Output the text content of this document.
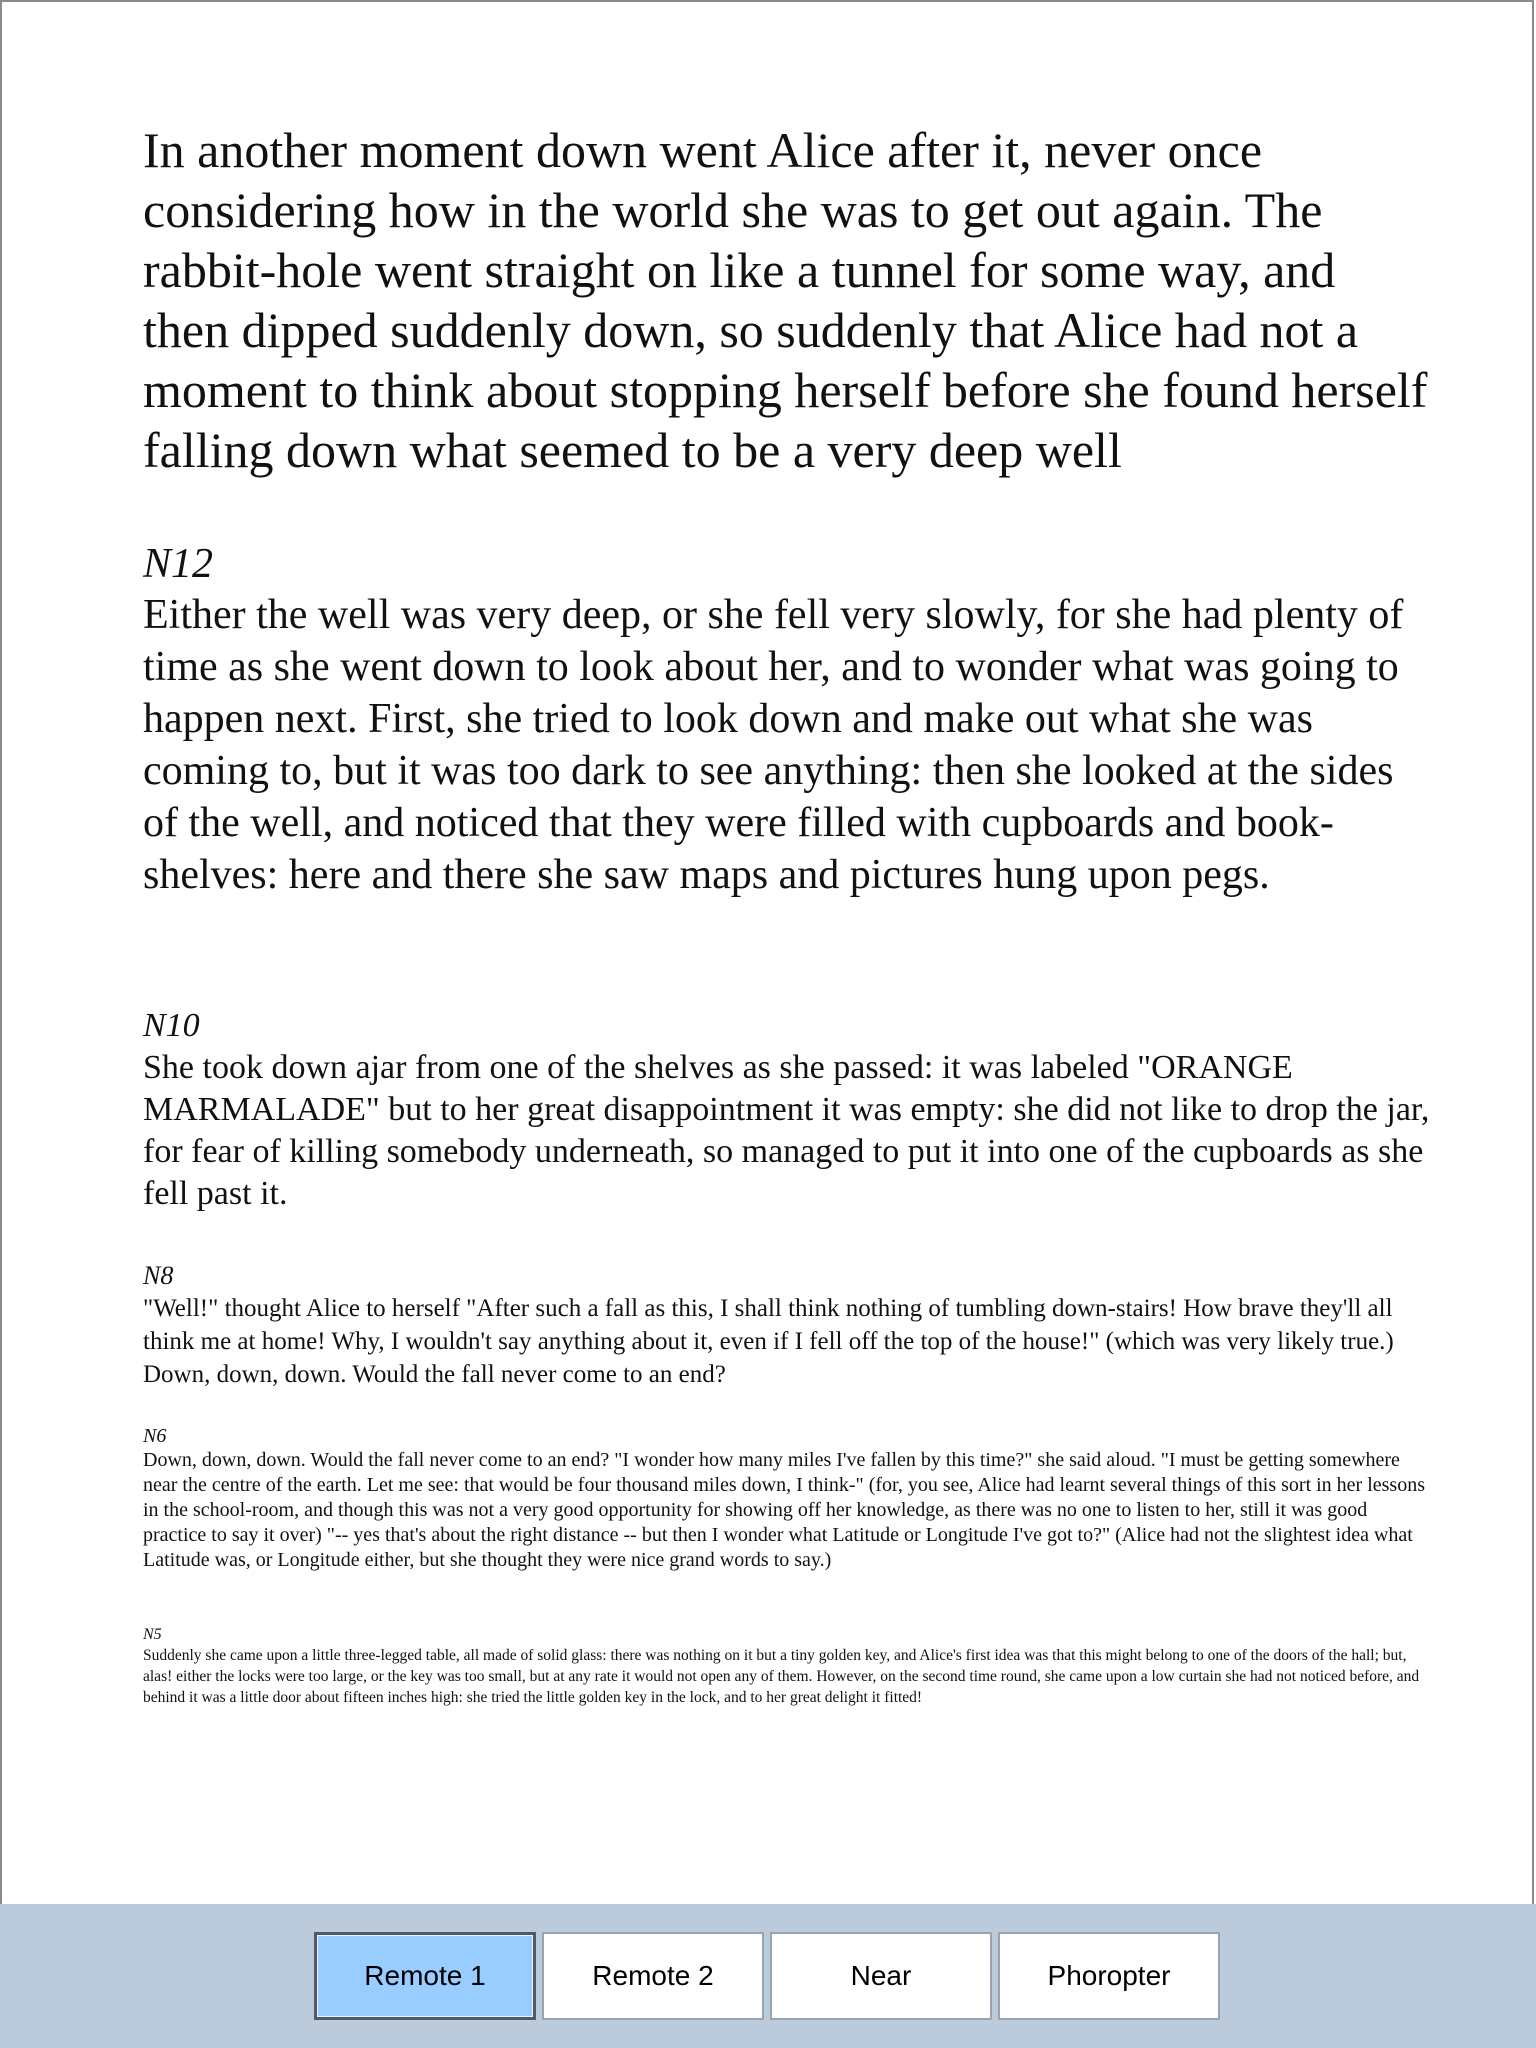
In another moment down went Alice after it, never once considering how in the world she was to get out again. The rabbit-hole went straight on like a tunnel for some way, and then dipped suddenly down, so suddenly that Alice had not a moment to think about stopping herself before she found herself falling down what seemed to be a very deep well
N12
Either the well was very deep, or she fell very slowly, for she had plenty of time as she went down to look about her, and to wonder what was going to happen next. First, she tried to look down and make out what she was coming to, but it was too dark to see anything: then she looked at the sides of the well, and noticed that they were filled with cupboards and book-shelves: here and there she saw maps and pictures hung upon pegs.
N10
She took down ajar from one of the shelves as she passed: it was labeled "ORANGE MARMALADE" but to her great disappointment it was empty: she did not like to drop the jar, for fear of killing somebody underneath, so managed to put it into one of the cupboards as she fell past it.
N8
"Well!" thought Alice to herself "After such a fall as this, I shall think nothing of tumbling down-stairs! How brave they'll all think me at home! Why, I wouldn't say anything about it, even if I fell off the top of the house!" (which was very likely true.) Down, down, down. Would the fall never come to an end?
N6
Down, down, down. Would the fall never come to an end? "I wonder how many miles I've fallen by this time?" she said aloud. "I must be getting somewhere near the centre of the earth. Let me see: that would be four thousand miles down, I think-" (for, you see, Alice had learnt several things of this sort in her lessons in the school-room, and though this was not a very good opportunity for showing off her knowledge, as there was no one to listen to her, still it was good practice to say it over) "-- yes that's about the right distance -- but then I wonder what Latitude or Longitude I've got to?" (Alice had not the slightest idea what Latitude was, or Longitude either, but she thought they were nice grand words to say.)
N5
Suddenly she came upon a little three-legged table, all made of solid glass: there was nothing on it but a tiny golden key, and Alice's first idea was that this might belong to one of the doors of the hall; but, alas! either the locks were too large, or the key was too small, but at any rate it would not open any of them. However, on the second time round, she came upon a low curtain she had not noticed before, and behind it was a little door about fifteen inches high: she tried the little golden key in the lock, and to her great delight it fitted!
Remote 1	Remote 2	Near	Phoropter
